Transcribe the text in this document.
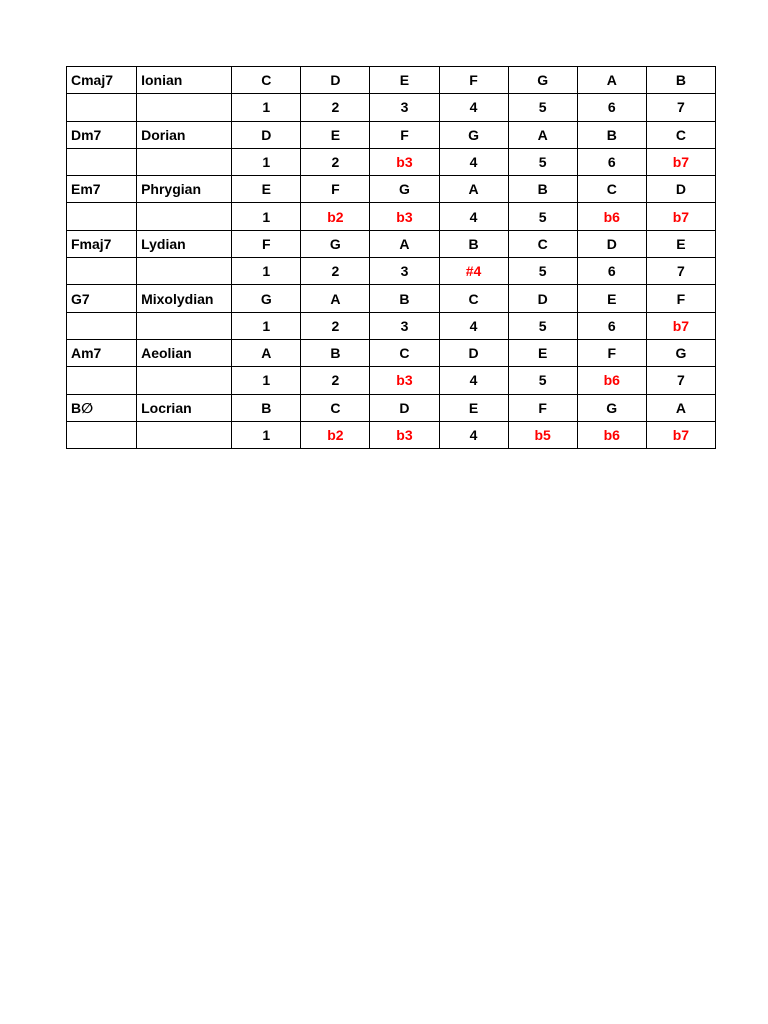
Cmaj7	Ionian	C	D	E	F	G	A	B
		1	2	3	4	5	6	7
Dm7	Dorian	D	E	F	G	A	B	C
		1	2	b3	4	5	6	b7
Em7	Phrygian	E	F	G	A	B	C	D
		1	b2	b3	4	5	b6	b7
Fmaj7	Lydian	F	G	A	B	C	D	E
		1	2	3	#4	5	6	7
G7	Mixolydian	G	A	B	C	D	E	F
		1	2	3	4	5	6	b7
Am7	Aeolian	A	B	C	D	E	F	G
		1	2	b3	4	5	b6	7
B∅	Locrian	B	C	D	E	F	G	A
		1	b2	b3	4	b5	b6	b7
